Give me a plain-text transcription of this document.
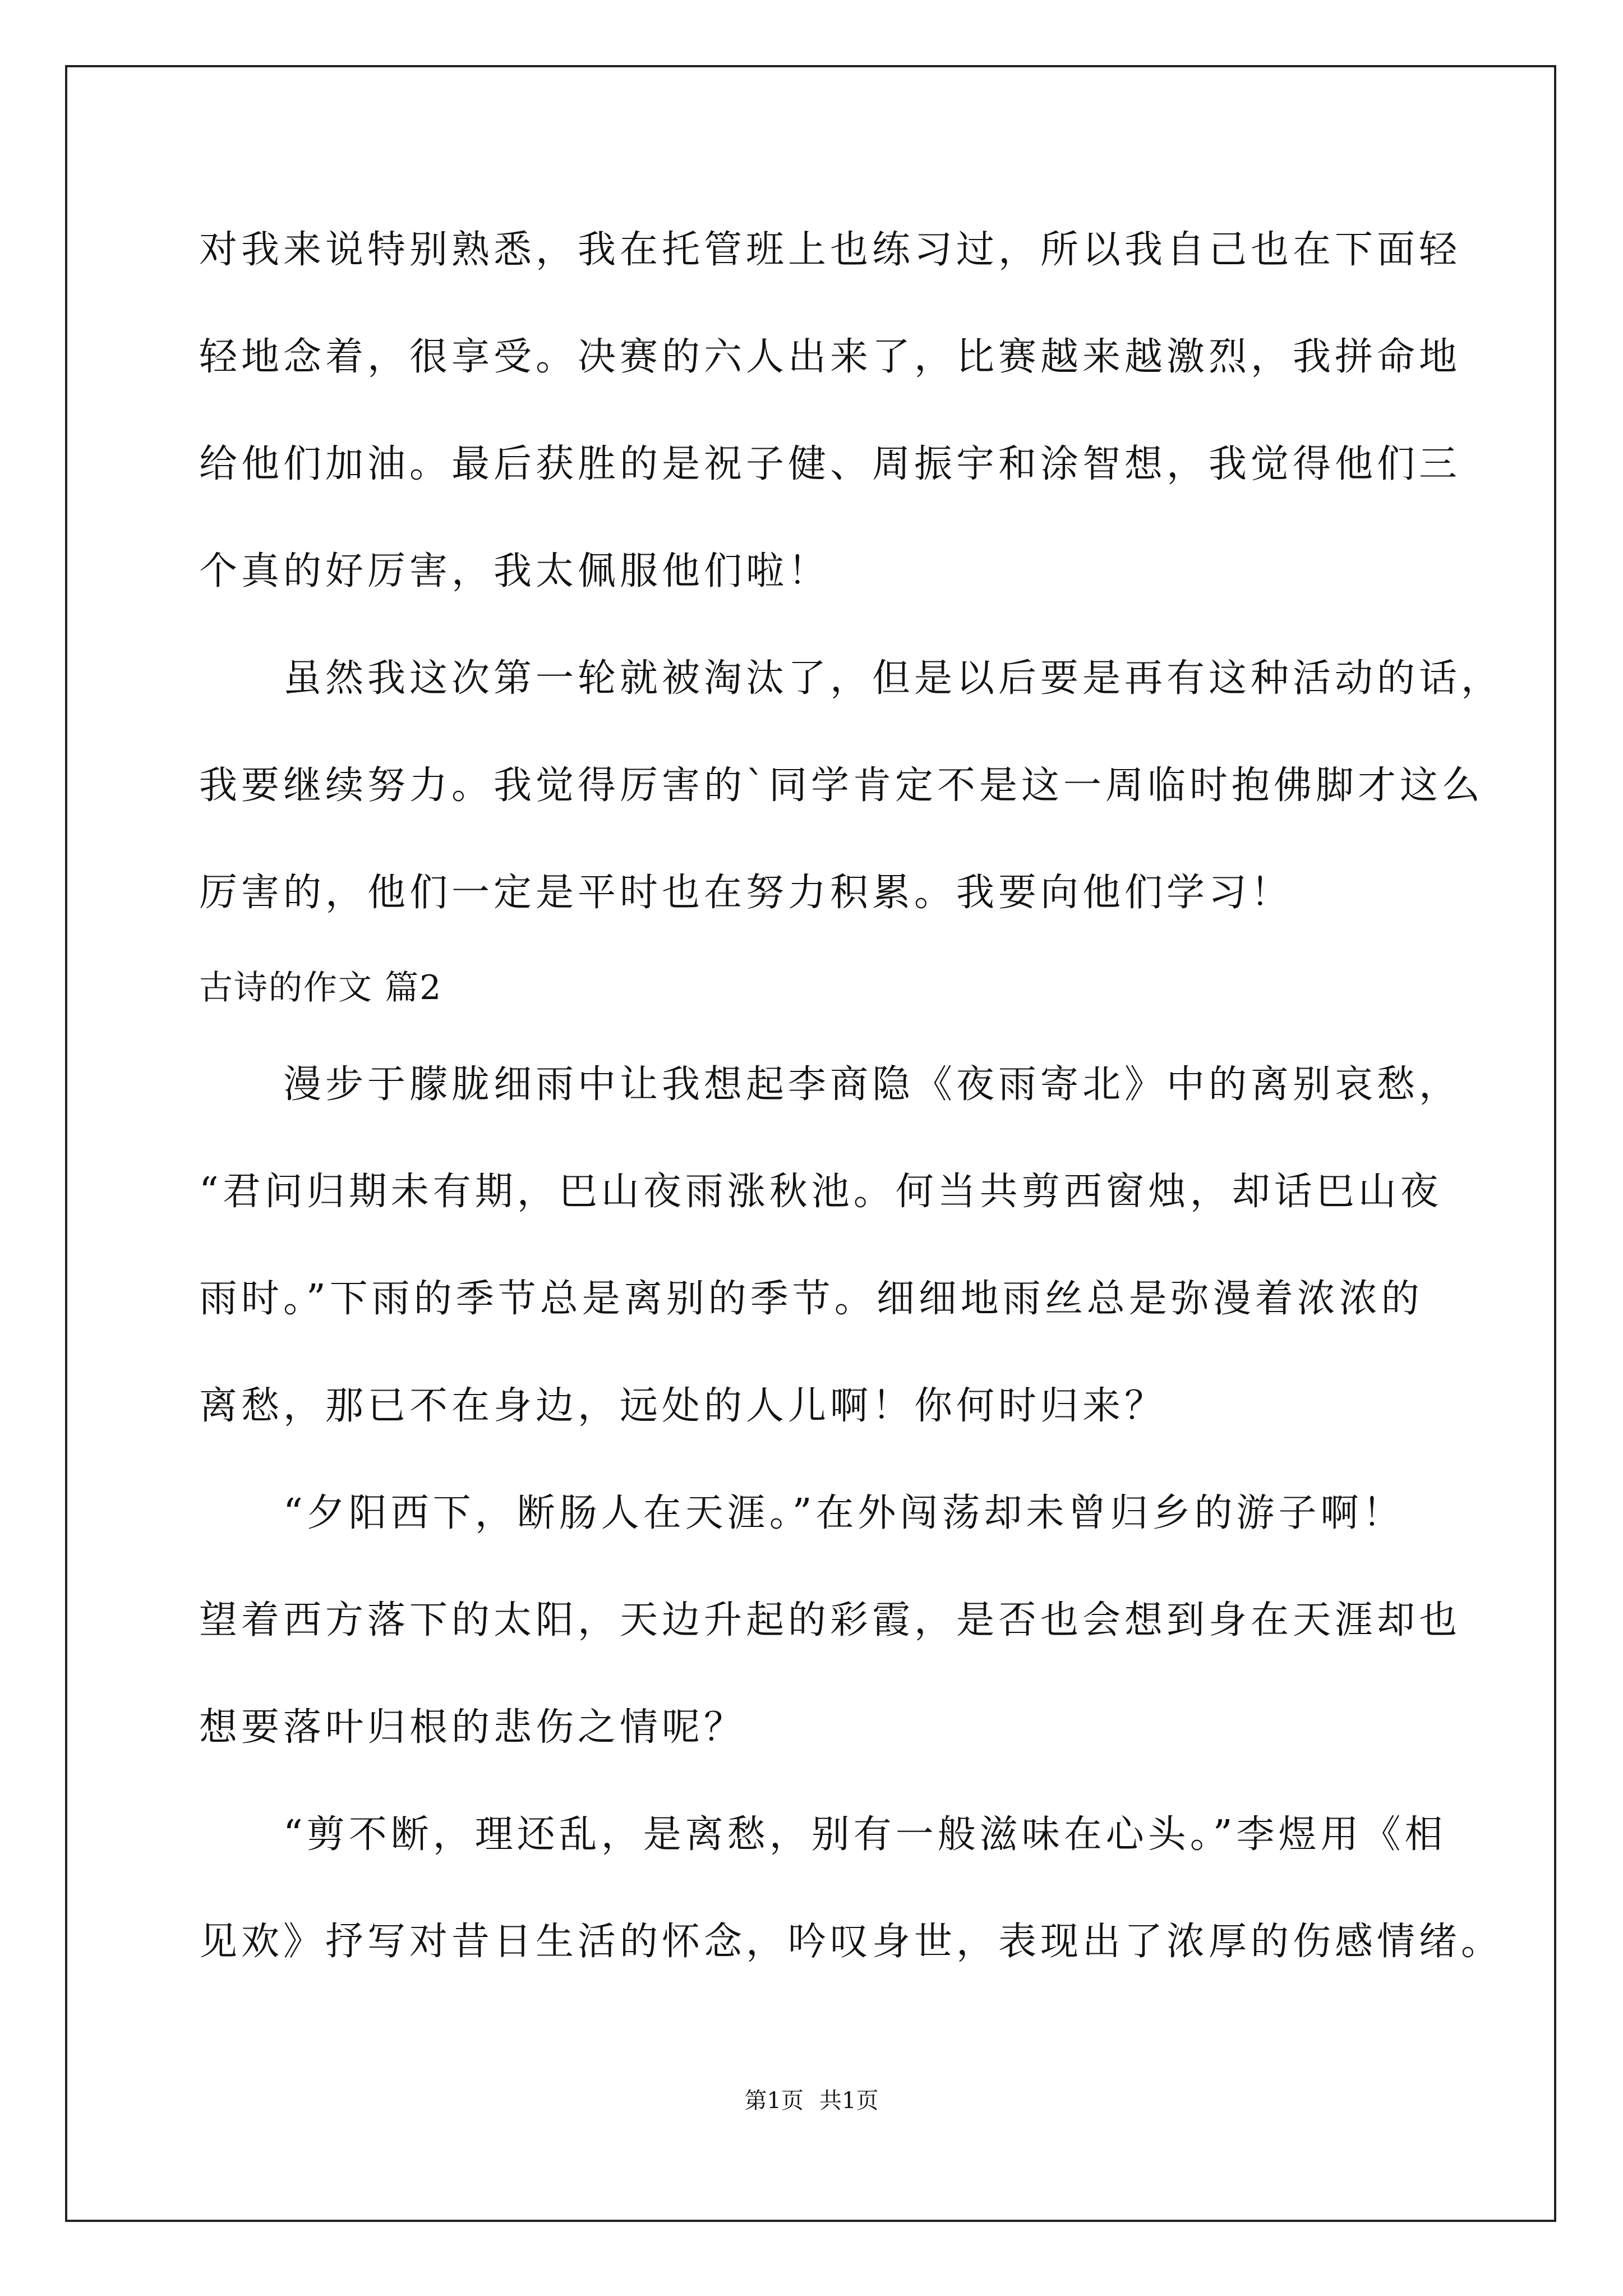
对我来说特别熟悉，我在托管班上也练习过，所以我自己也在下面轻

轻地念着，很享受。决赛的六人出来了，比赛越来越激烈，我拼命地

给他们加油。最后获胜的是祝子健、周振宇和涂智想，我觉得他们三

个真的好厉害，我太佩服他们啦！

虽然我这次第一轮就被淘汰了，但是以后要是再有这种活动的话，

我要继续努力。我觉得厉害的`同学肯定不是这一周临时抱佛脚才这么

厉害的，他们一定是平时也在努力积累。我要向他们学习！

古诗的作文 篇2

漫步于朦胧细雨中让我想起李商隐《夜雨寄北》中的离别哀愁，

“君问归期未有期，巴山夜雨涨秋池。何当共剪西窗烛，却话巴山夜

雨时。”下雨的季节总是离别的季节。细细地雨丝总是弥漫着浓浓的

离愁，那已不在身边，远处的人儿啊！你何时归来？

“夕阳西下，断肠人在天涯。”在外闯荡却未曾归乡的游子啊！

望着西方落下的太阳，天边升起的彩霞，是否也会想到身在天涯却也

想要落叶归根的悲伤之情呢？

“剪不断，理还乱，是离愁，别有一般滋味在心头。”李煜用《相

见欢》抒写对昔日生活的怀念，吟叹身世，表现出了浓厚的伤感情绪。

第1页 共1页
